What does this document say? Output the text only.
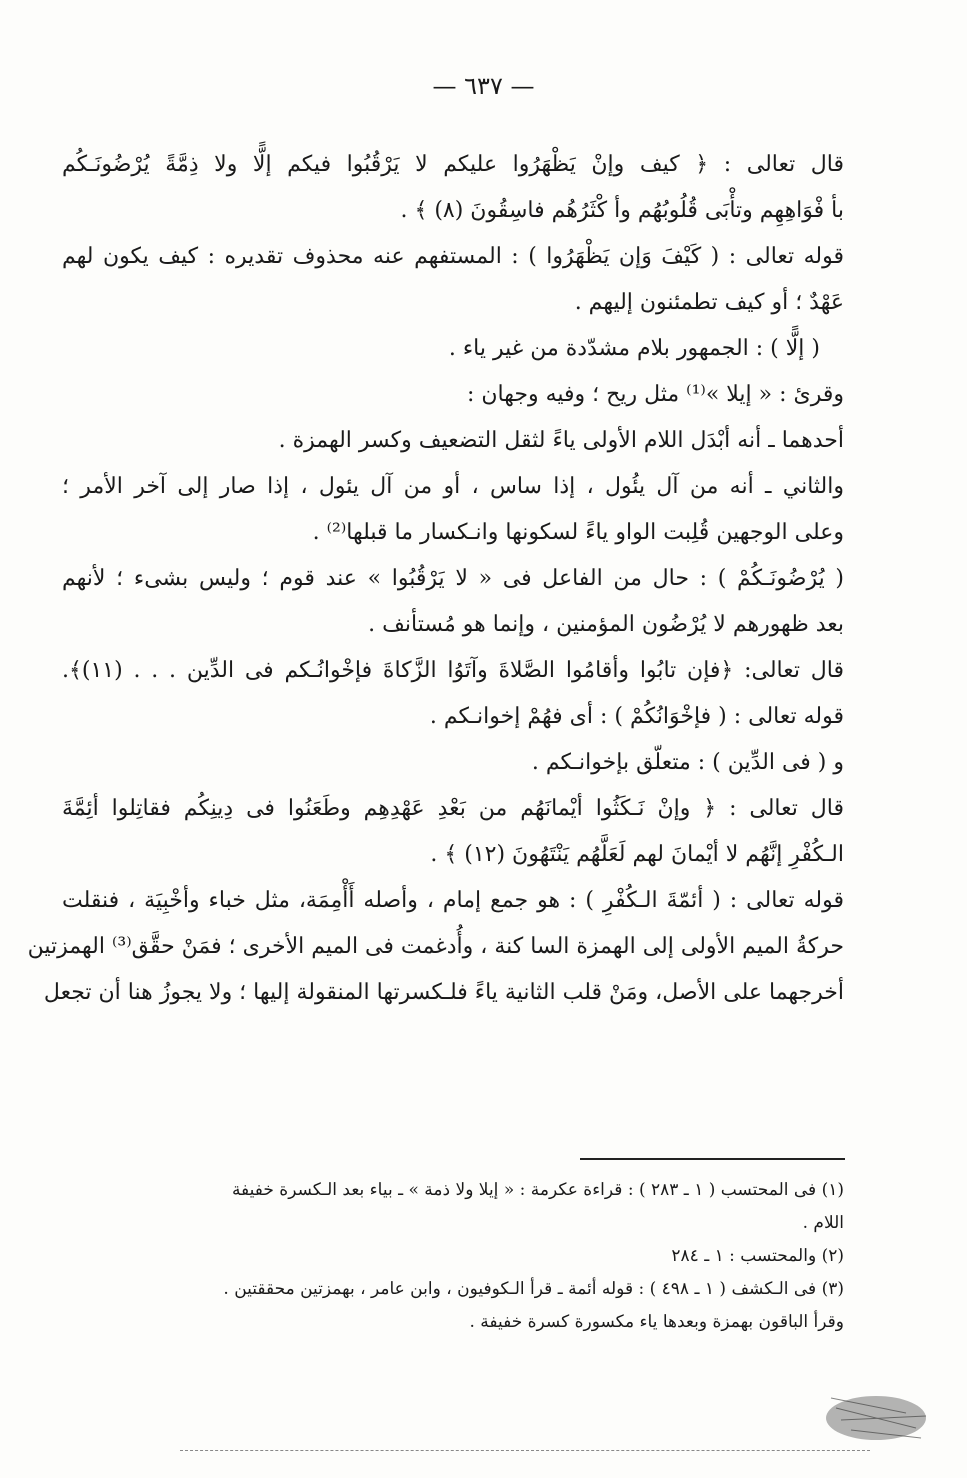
— ٦٣٧ —
قال تعالى : ﴿ كيف وإنْ يَظْهَرُوا عليكم لا يَرْقُبُوا فيكم إلًّا ولا ذِمَّةً يُرْضُونَـكُم
بأ فْوَاهِهِم وتأْبَى قُلُوبُهُم وأ كْثَرُهُم فاسِقُونَ (٨) ﴾ .
قوله تعالى : ( كَيْفَ وَإن يَظْهَرُوا ) : المستفهم عنه محذوف تقديره : كيف يكون لهم
عَهْدٌ ؛ أو كيف تطمئنون إليهم .
( إلًّا ) : الجمهور بلام مشدّدة من غير ياء .
وقرئ : « إيلا »⁽¹⁾ مثل ريح ؛ وفيه وجهان :
أحدهما ـ أنه أبْدَل اللام الأولى ياءً لثقل التضعيف وكسر الهمزة .
والثاني ـ أنه من آل يئُول ، إذا ساس ، أو من آل يئول ، إذا صار إلى آخر الأمر ؛
وعلى الوجهين قُلِبت الواو ياءً لسكونها وانـكسار ما قبلها⁽²⁾ .
( يُرْضُونَـكُمْ ) : حال من الفاعل فى « لا يَرْقُبُوا » عند قوم ؛ وليس بشىء ؛ لأنهم
بعد ظهورهم لا يُرْضُون المؤمنين ، وإنما هو مُستأنف .
قال تعالى: ﴿فإن تابُوا وأقامُوا الصَّلاةَ وآتَوُا الزَّكاةَ فإخْوانُـكم فى الدِّين . . . (١١)﴾.
قوله تعالى : ( فإخْوَانُكُمْ ) : أى فهُمْ إخوانـكم .
و ( فى الدِّين ) : متعلّق بإخوانـكم .
قال تعالى : ﴿ وإنْ نَـكَثُوا أيْمانَهُم من بَعْدِ عَهْدِهِم وطَعَنُوا فى دِينِكُم فقاتِلوا أئِمَّةَ
الـكُفْرِ إنَّهُم لا أيْمانَ لهم لَعَلَّهُم يَنْتَهُونَ (١٢) ﴾ .
قوله تعالى : ( أئمّةَ الـكُفْرِ ) : هو جمع إمام ، وأصله أَأْمِمَة، مثل خباء وأخْبِيَة ، فنقلت
حركةُ الميم الأولى إلى الهمزة السا كنة ، وأُدغمت فى الميم الأخرى ؛ فمَنْ حقَّق⁽³⁾ الهمزتين
أخرجهما على الأصل، ومَنْ قلب الثانية ياءً فلـكسرتها المنقولة إليها ؛ ولا يجوزُ هنا أن تجعل
(١) فى المحتسب ( ١ ـ ٢٨٣ ) : قراءة عكرمة : « إيلا ولا ذمة » ـ بياء بعد الـكسرة خفيفة
اللام .
(٢) والمحتسب : ١ ـ ٢٨٤
(٣) فى الـكشف ( ١ ـ ٤٩٨ ) : قوله أئمة ـ قرأ الـكوفيون ، وابن عامر ، بهمزتين محققتين .
وقرأ الباقون بهمزة وبعدها ياء مكسورة كسرة خفيفة .
